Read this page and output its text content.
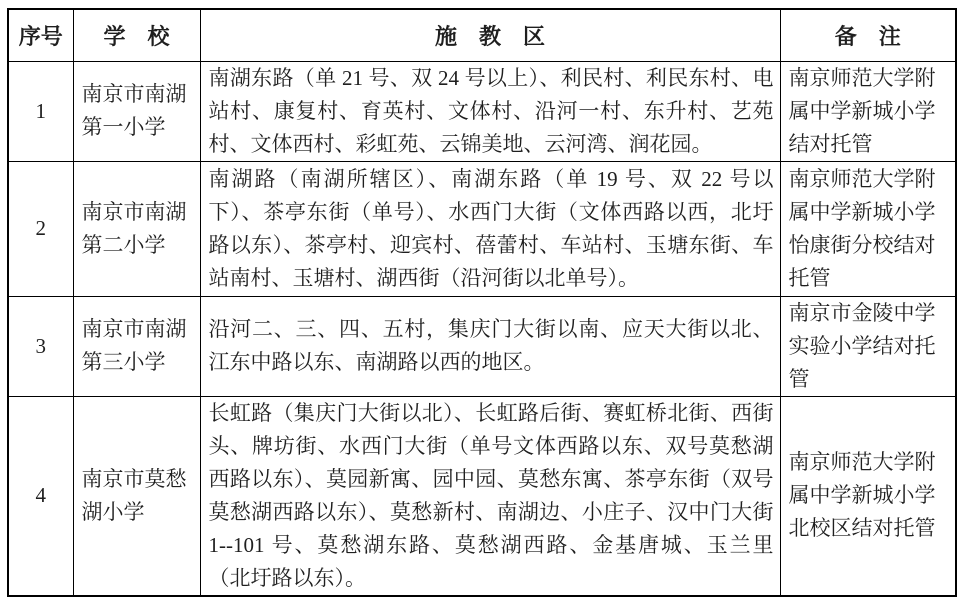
序号	学　校	施　教　区	备　注
1	南京市南湖第一小学	南湖东路（单 21 号、双 24 号以上）、利民村、利民东村、电站村、康复村、育英村、文体村、沿河一村、东升村、艺苑村、文体西村、彩虹苑、云锦美地、云河湾、润花园。	南京师范大学附属中学新城小学结对托管
2	南京市南湖第二小学	南湖路（南湖所辖区）、南湖东路（单 19 号、双 22 号以下）、茶亭东街（单号）、水西门大街（文体西路以西，北圩路以东）、茶亭村、迎宾村、蓓蕾村、车站村、玉塘东街、车站南村、玉塘村、湖西街（沿河街以北单号）。	南京师范大学附属中学新城小学怡康街分校结对托管
3	南京市南湖第三小学	沿河二、三、四、五村，集庆门大街以南、应天大街以北、江东中路以东、南湖路以西的地区。	南京市金陵中学实验小学结对托管
4	南京市莫愁湖小学	长虹路（集庆门大街以北）、长虹路后街、赛虹桥北街、西街头、牌坊街、水西门大街（单号文体西路以东、双号莫愁湖西路以东）、莫园新寓、园中园、莫愁东寓、茶亭东街（双号莫愁湖西路以东）、莫愁新村、南湖边、小庄子、汉中门大街 1--101 号、莫愁湖东路、莫愁湖西路、金基唐城、玉兰里（北圩路以东）。	南京师范大学附属中学新城小学北校区结对托管
